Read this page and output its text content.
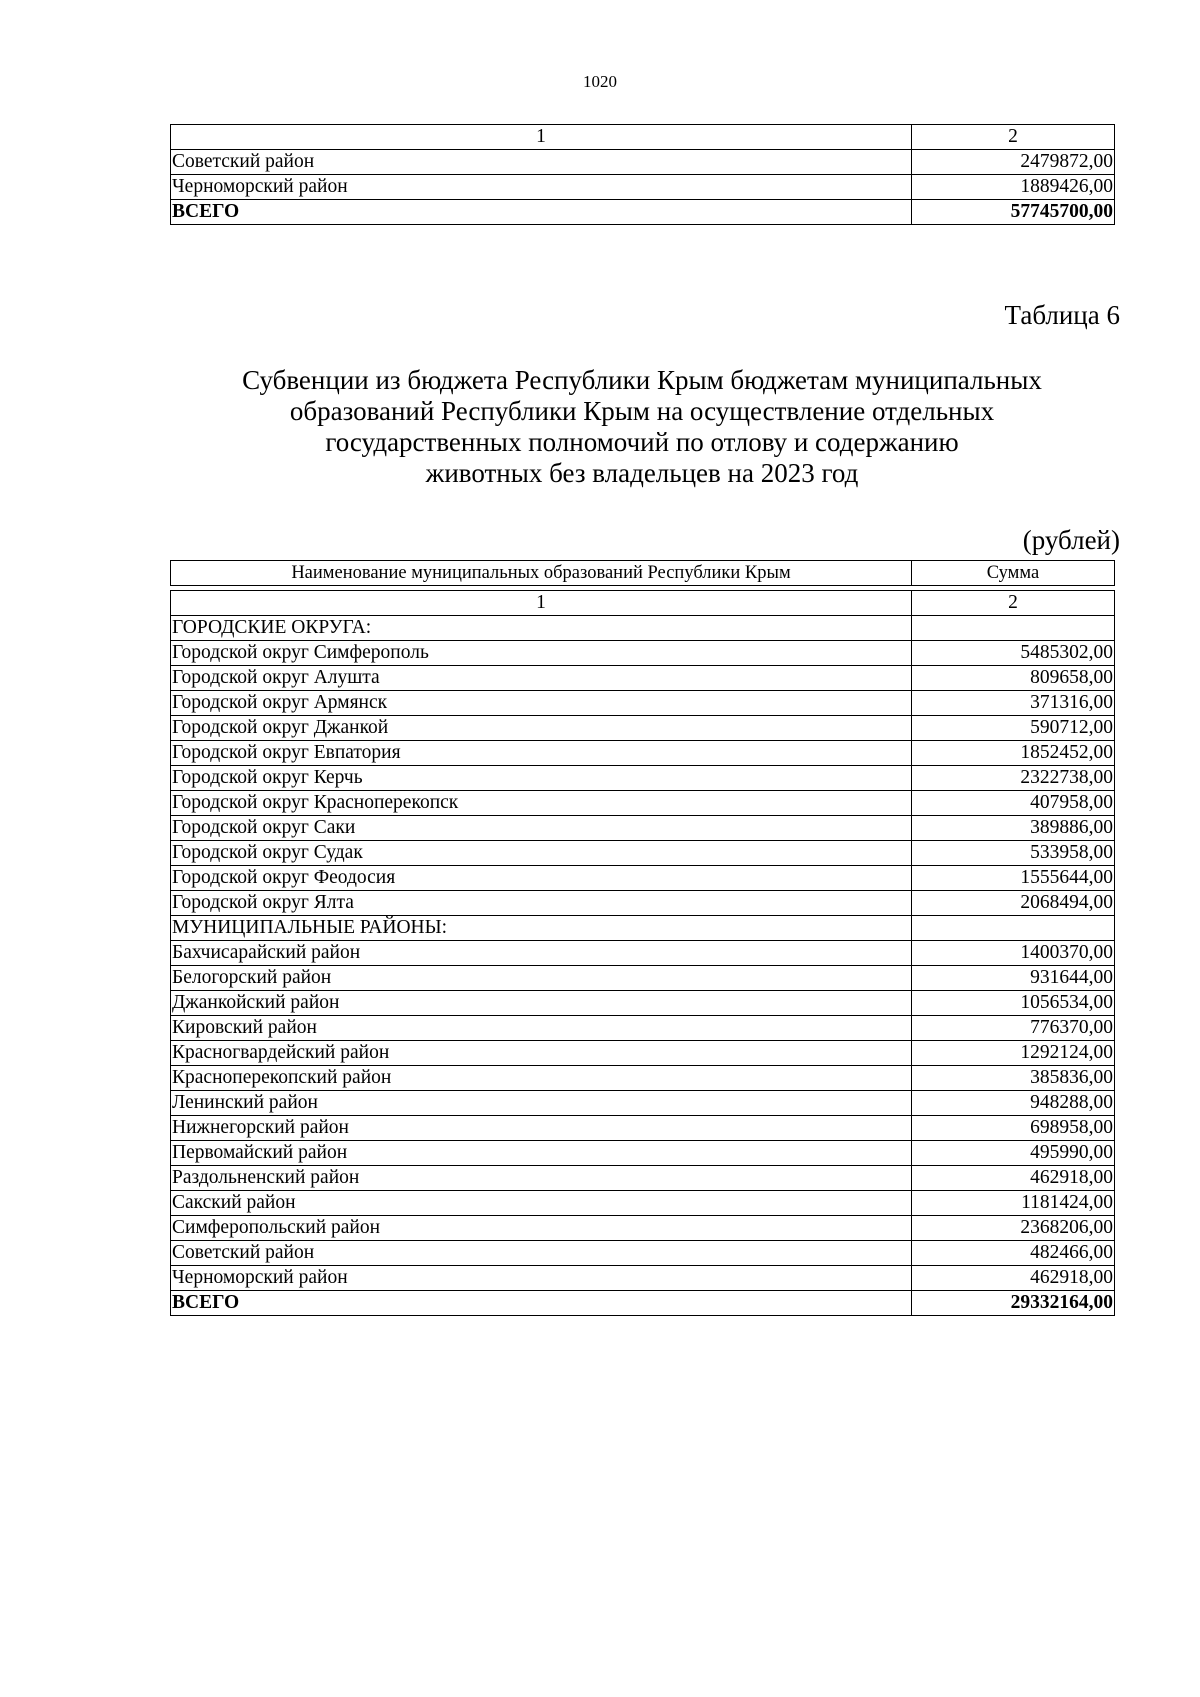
1020
1	2
Советский район	2479872,00
Черноморский район	1889426,00
ВСЕГО	57745700,00
Таблица 6
Субвенции из бюджета Республики Крым бюджетам муниципальных
образований Республики Крым на осуществление отдельных
государственных полномочий по отлову и содержанию
животных без владельцев на 2023 год
(рублей)
Наименование муниципальных образований Республики Крым	Сумма
1	2
ГОРОДСКИЕ ОКРУГА:	
Городской округ Симферополь	5485302,00
Городской округ Алушта	809658,00
Городской округ Армянск	371316,00
Городской округ Джанкой	590712,00
Городской округ Евпатория	1852452,00
Городской округ Керчь	2322738,00
Городской округ Красноперекопск	407958,00
Городской округ Саки	389886,00
Городской округ Судак	533958,00
Городской округ Феодосия	1555644,00
Городской округ Ялта	2068494,00
МУНИЦИПАЛЬНЫЕ РАЙОНЫ:	
Бахчисарайский район	1400370,00
Белогорский район	931644,00
Джанкойский район	1056534,00
Кировский район	776370,00
Красногвардейский район	1292124,00
Красноперекопский район	385836,00
Ленинский район	948288,00
Нижнегорский район	698958,00
Первомайский район	495990,00
Раздольненский район	462918,00
Сакский район	1181424,00
Симферопольский район	2368206,00
Советский район	482466,00
Черноморский район	462918,00
ВСЕГО	29332164,00
